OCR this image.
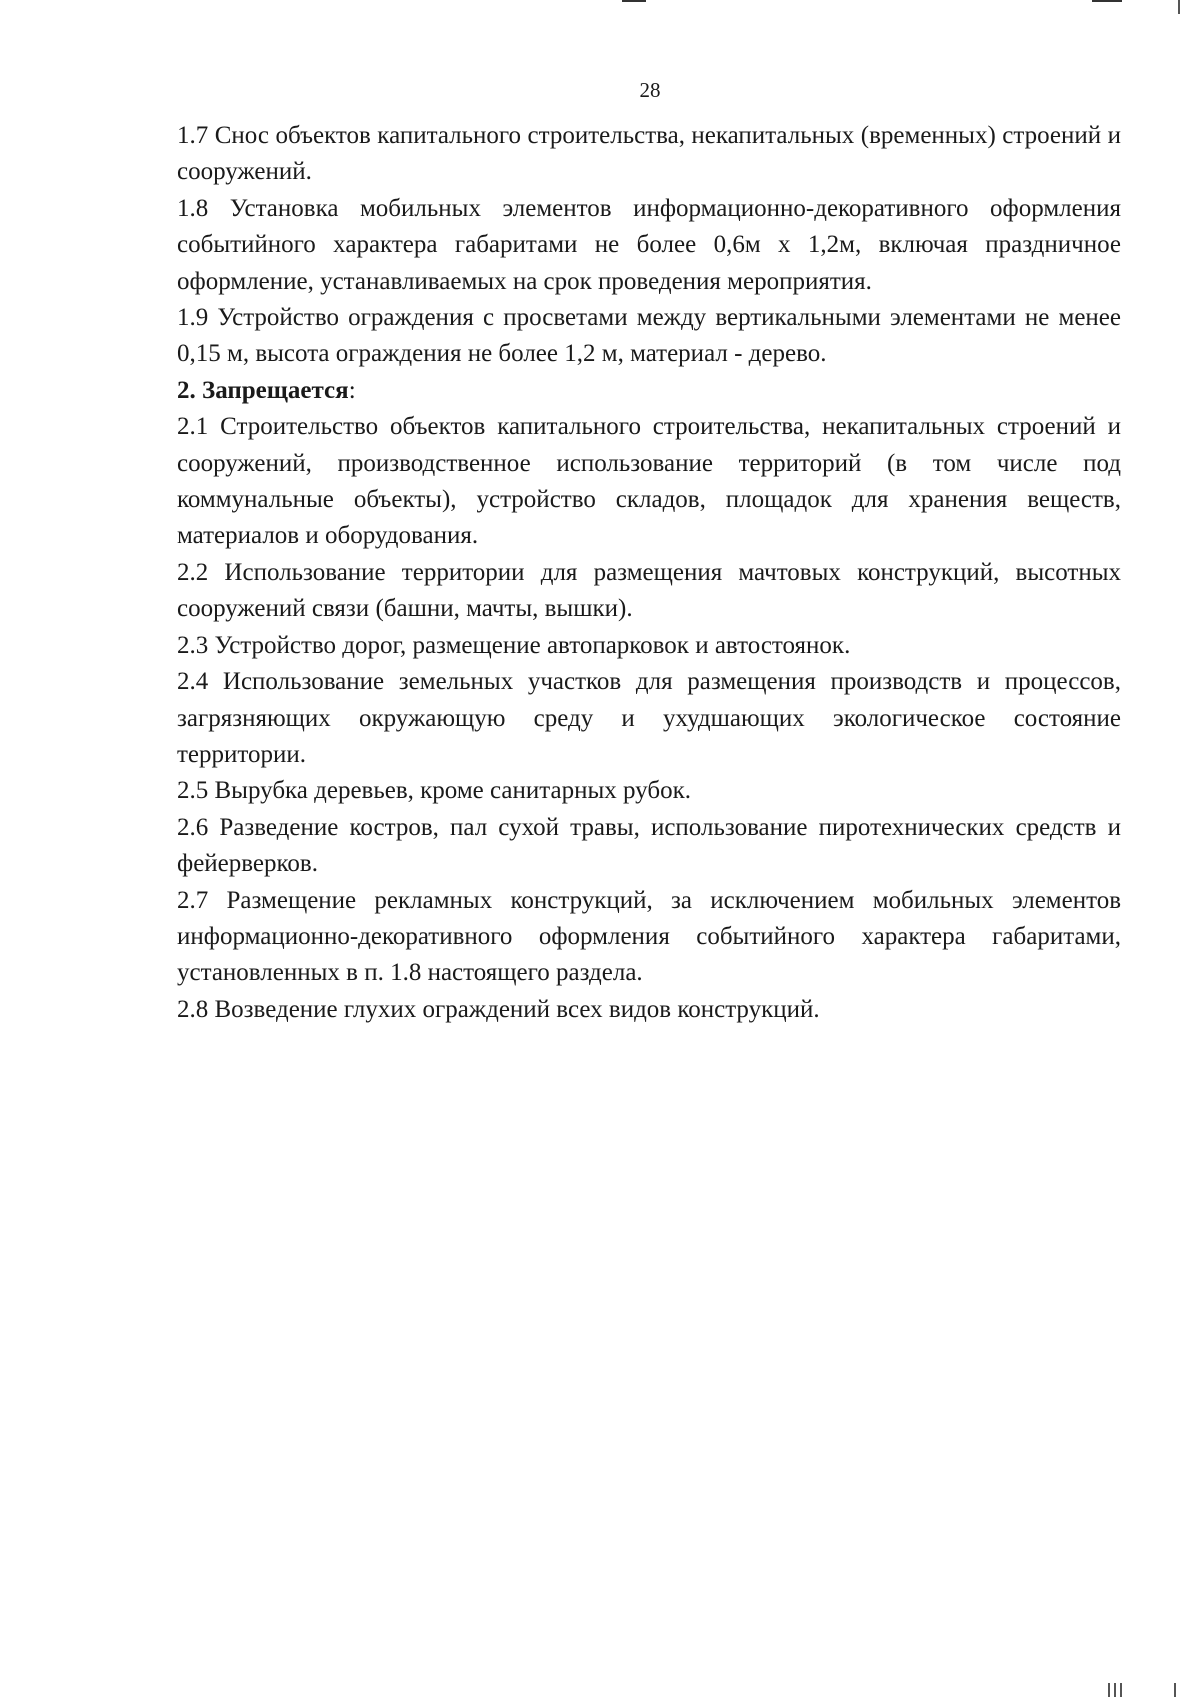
28

1.7 Снос объектов капитального строительства, некапитальных (временных) строений и сооружений.

1.8 Установка мобильных элементов информационно-декоративного оформления событийного характера габаритами не более 0,6м х 1,2м, включая праздничное оформление, устанавливаемых на срок проведения мероприятия.

1.9 Устройство ограждения с просветами между вертикальными элементами не менее 0,15 м, высота ограждения не более 1,2 м, материал - дерево.

2. Запрещается:

2.1 Строительство объектов капитального строительства, некапитальных строений и сооружений, производственное использование территорий (в том числе под коммунальные объекты), устройство складов, площадок для хранения веществ, материалов и оборудования.

2.2 Использование территории для размещения мачтовых конструкций, высотных сооружений связи (башни, мачты, вышки).

2.3 Устройство дорог, размещение автопарковок и автостоянок.

2.4 Использование земельных участков для размещения производств и процессов, загрязняющих окружающую среду и ухудшающих экологическое состояние территории.

2.5 Вырубка деревьев, кроме санитарных рубок.

2.6 Разведение костров, пал сухой травы, использование пиротехнических средств и фейерверков.

2.7 Размещение рекламных конструкций, за исключением мобильных элементов информационно-декоративного оформления событийного характера габаритами, установленных в п. 1.8 настоящего раздела.

2.8 Возведение глухих ограждений всех видов конструкций.
